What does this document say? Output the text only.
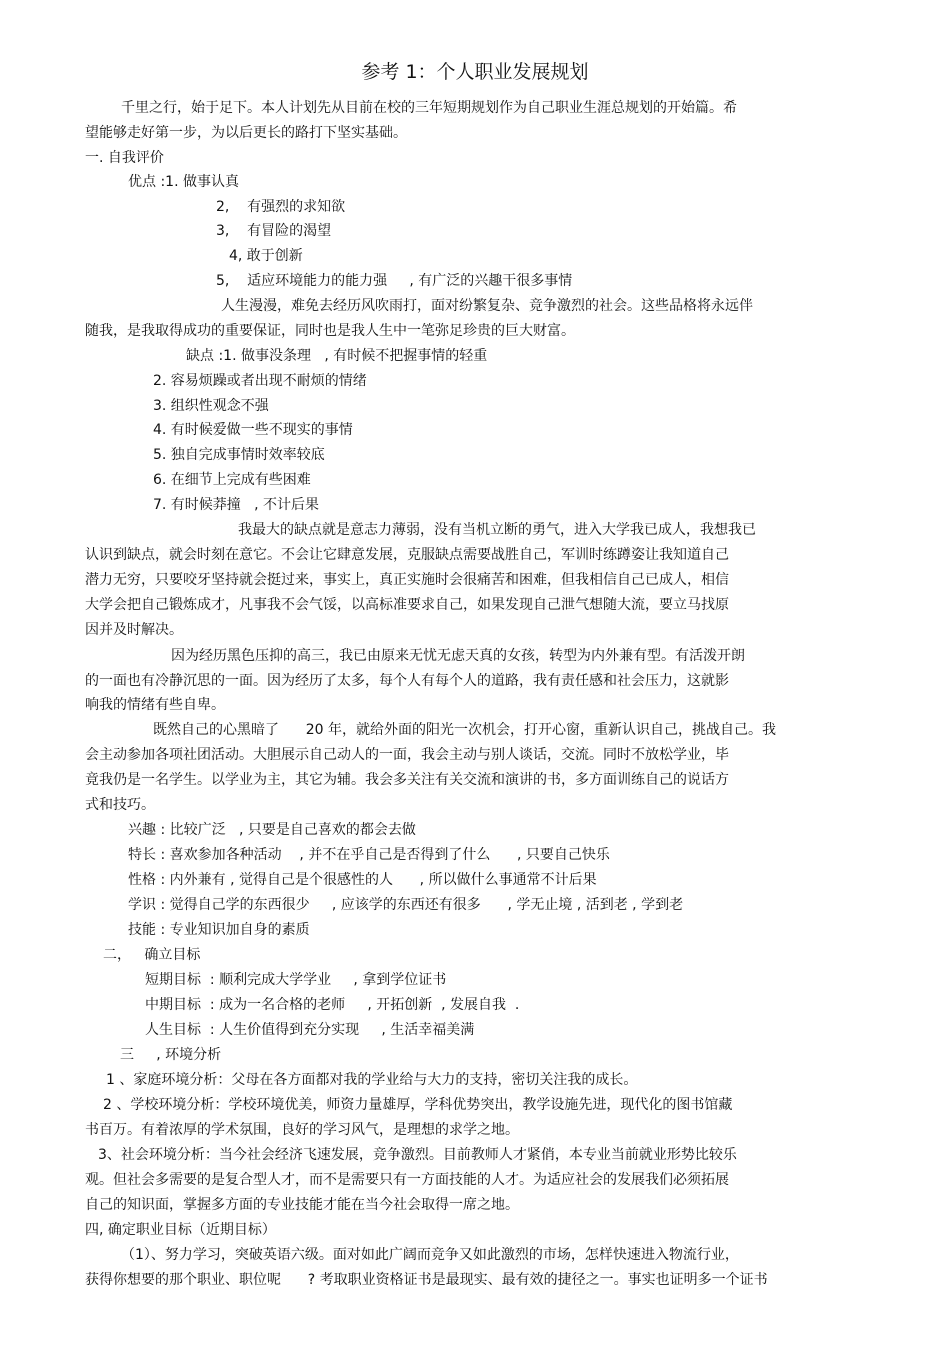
参考 1：个人职业发展规划
千里之行，始于足下。本人计划先从目前在校的三年短期规划作为自己职业生涯总规划的开始篇。希
望能够走好第一步，为以后更长的路打下坚实基础。
一. 自我评价
优点 :1. 做事认真
2,    有强烈的求知欲
3,    有冒险的渴望
4, 敢于创新
5,    适应环境能力的能力强     , 有广泛的兴趣干很多事情
人生漫漫，难免去经历风吹雨打，面对纷繁复杂、竞争激烈的社会。这些品格将永远伴
随我，是我取得成功的重要保证，同时也是我人生中一笔弥足珍贵的巨大财富。
缺点 :1. 做事没条理   , 有时候不把握事情的轻重
2. 容易烦躁或者出现不耐烦的情绪
3. 组织性观念不强
4. 有时候爱做一些不现实的事情
5. 独自完成事情时效率较底
6. 在细节上完成有些困难
7. 有时候莽撞   , 不计后果
我最大的缺点就是意志力薄弱，没有当机立断的勇气，进入大学我已成人，我想我已
认识到缺点，就会时刻在意它。不会让它肆意发展，克服缺点需要战胜自己，军训时练蹲姿让我知道自己
潜力无穷，只要咬牙坚持就会挺过来，事实上，真正实施时会很痛苦和困难，但我相信自己已成人，相信
大学会把自己锻炼成才，凡事我不会气馁，以高标准要求自己，如果发现自己泄气想随大流，要立马找原
因并及时解决。
因为经历黑色压抑的高三，我已由原来无忧无虑天真的女孩，转型为内外兼有型。有活泼开朗
的一面也有冷静沉思的一面。因为经历了太多，每个人有每个人的道路，我有责任感和社会压力，这就影
响我的情绪有些自卑。
既然自己的心黑暗了      20 年，就给外面的阳光一次机会，打开心窗，重新认识自己，挑战自己。我
会主动参加各项社团活动。大胆展示自己动人的一面，我会主动与别人谈话，交流。同时不放松学业，毕
竟我仍是一名学生。以学业为主，其它为辅。我会多关注有关交流和演讲的书，多方面训练自己的说话方
式和技巧。
兴趣 : 比较广泛   , 只要是自己喜欢的都会去做
特长 : 喜欢参加各种活动    , 并不在乎自己是否得到了什么      , 只要自己快乐
性格 : 内外兼有 , 觉得自己是个很感性的人      , 所以做什么事通常不计后果
学识 : 觉得自己学的东西很少     , 应该学的东西还有很多      , 学无止境 , 活到老 , 学到老
技能 : 专业知识加自身的素质
二，   确立目标
短期目标  : 顺利完成大学学业     , 拿到学位证书
中期目标  : 成为一名合格的老师     , 开拓创新  , 发展自我  .
人生目标  : 人生价值得到充分实现     , 生活幸福美满
三     , 环境分析
1 、家庭环境分析：父母在各方面都对我的学业给与大力的支持，密切关注我的成长。
2 、学校环境分析：学校环境优美，师资力量雄厚，学科优势突出，教学设施先进，现代化的图书馆藏
书百万。有着浓厚的学术氛围，良好的学习风气，是理想的求学之地。
3、社会环境分析：当今社会经济飞速发展，竞争激烈。目前教师人才紧俏，本专业当前就业形势比较乐
观。但社会多需要的是复合型人才，而不是需要只有一方面技能的人才。为适应社会的发展我们必须拓展
自己的知识面，掌握多方面的专业技能才能在当今社会取得一席之地。
四, 确定职业目标（近期目标）
（1）、努力学习，突破英语六级。面对如此广阔而竞争又如此激烈的市场，怎样快速进入物流行业，
获得你想要的那个职业、职位呢      ? 考取职业资格证书是最现实、最有效的捷径之一。事实也证明多一个证书
